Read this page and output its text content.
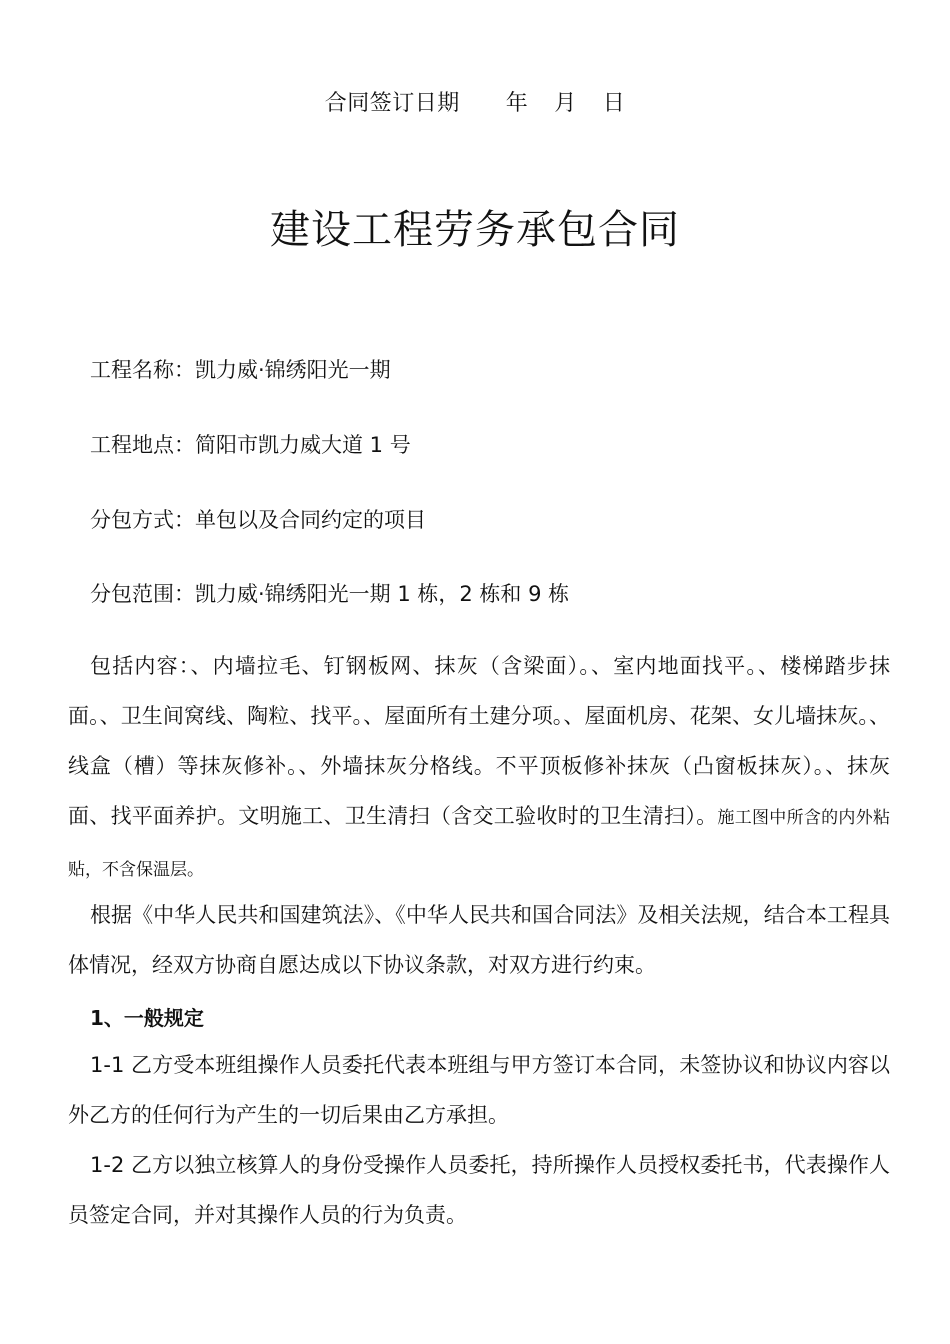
合同签订日期 年 月 日
建设工程劳务承包合同
工程名称：凯力威·锦绣阳光一期
工程地点：简阳市凯力威大道 1 号
分包方式：单包以及合同约定的项目
分包范围：凯力威·锦绣阳光一期 1 栋，2 栋和 9 栋
包括内容：、内墙拉毛、钉钢板网、抹灰（含梁面）。、室内地面找平。、楼梯踏步抹面。、卫生间窝线、陶粒、找平。、屋面所有土建分项。、屋面机房、花架、女儿墙抹灰。、线盒（槽）等抹灰修补。、外墙抹灰分格线。不平顶板修补抹灰（凸窗板抹灰）。、抹灰面、找平面养护。文明施工、卫生清扫（含交工验收时的卫生清扫）。施工图中所含的内外粘贴，不含保温层。
根据《中华人民共和国建筑法》、《中华人民共和国合同法》及相关法规，结合本工程具体情况，经双方协商自愿达成以下协议条款，对双方进行约束。
1、一般规定
1-1 乙方受本班组操作人员委托代表本班组与甲方签订本合同，未签协议和协议内容以外乙方的任何行为产生的一切后果由乙方承担。
1-2 乙方以独立核算人的身份受操作人员委托，持所操作人员授权委托书，代表操作人员签定合同，并对其操作人员的行为负责。
